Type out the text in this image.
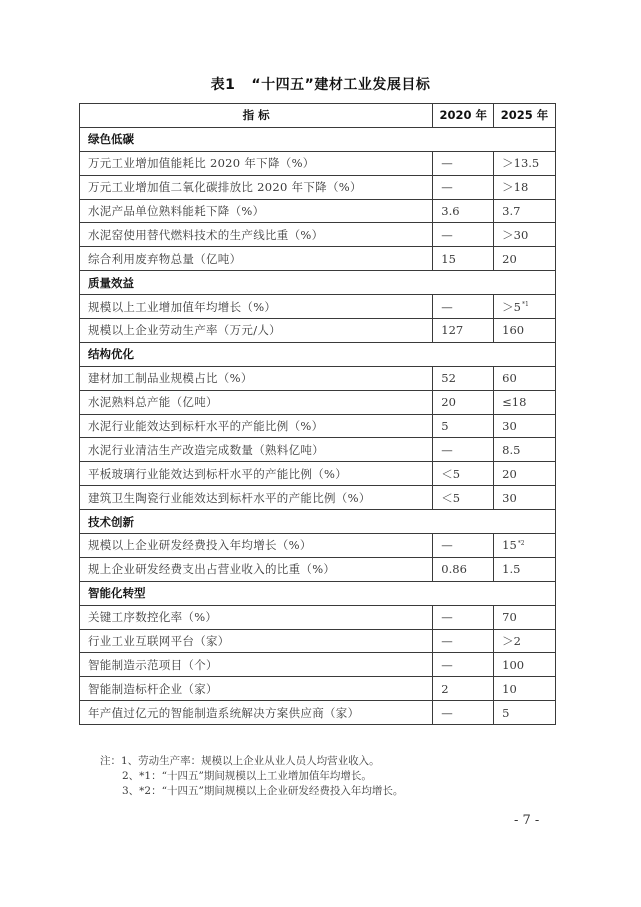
表1 “十四五”建材工业发展目标
指 标	2020 年	2025 年
绿色低碳		
万元工业增加值能耗比 2020 年下降（%）	—	＞13.5
万元工业增加值二氧化碳排放比 2020 年下降（%）	—	＞18
水泥产品单位熟料能耗下降（%）	3.6	3.7
水泥窑使用替代燃料技术的生产线比重（%）	—	＞30
综合利用废弃物总量（亿吨）	15	20
质量效益		
规模以上工业增加值年均增长（%）	—	$>5^{*1}$
规模以上企业劳动生产率（万元/人）	127	160
结构优化		
建材加工制品业规模占比（%）	52	60
水泥熟料总产能（亿吨）	20	≤18
水泥行业能效达到标杆水平的产能比例（%）	5	30
水泥行业清洁生产改造完成数量（熟料亿吨）	—	8.5
平板玻璃行业能效达到标杆水平的产能比例（%）	＜5	20
建筑卫生陶瓷行业能效达到标杆水平的产能比例（%）	＜5	30
技术创新		
规模以上企业研发经费投入年均增长（%）	—	15$^{*2}$
规上企业研发经费支出占营业收入的比重（%）	0.86	1.5
智能化转型		
关键工序数控化率（%）	—	70
行业工业互联网平台（家）	—	＞2
智能制造示范项目（个）	—	100
智能制造标杆企业（家）	2	10
年产值过亿元的智能制造系统解决方案供应商（家）	—	5
注：1、劳动生产率：规模以上企业从业人员人均营业收入。
2、*1：“十四五”期间规模以上工业增加值年均增长。
3、*2：“十四五”期间规模以上企业研发经费投入年均增长。
- 7 -
